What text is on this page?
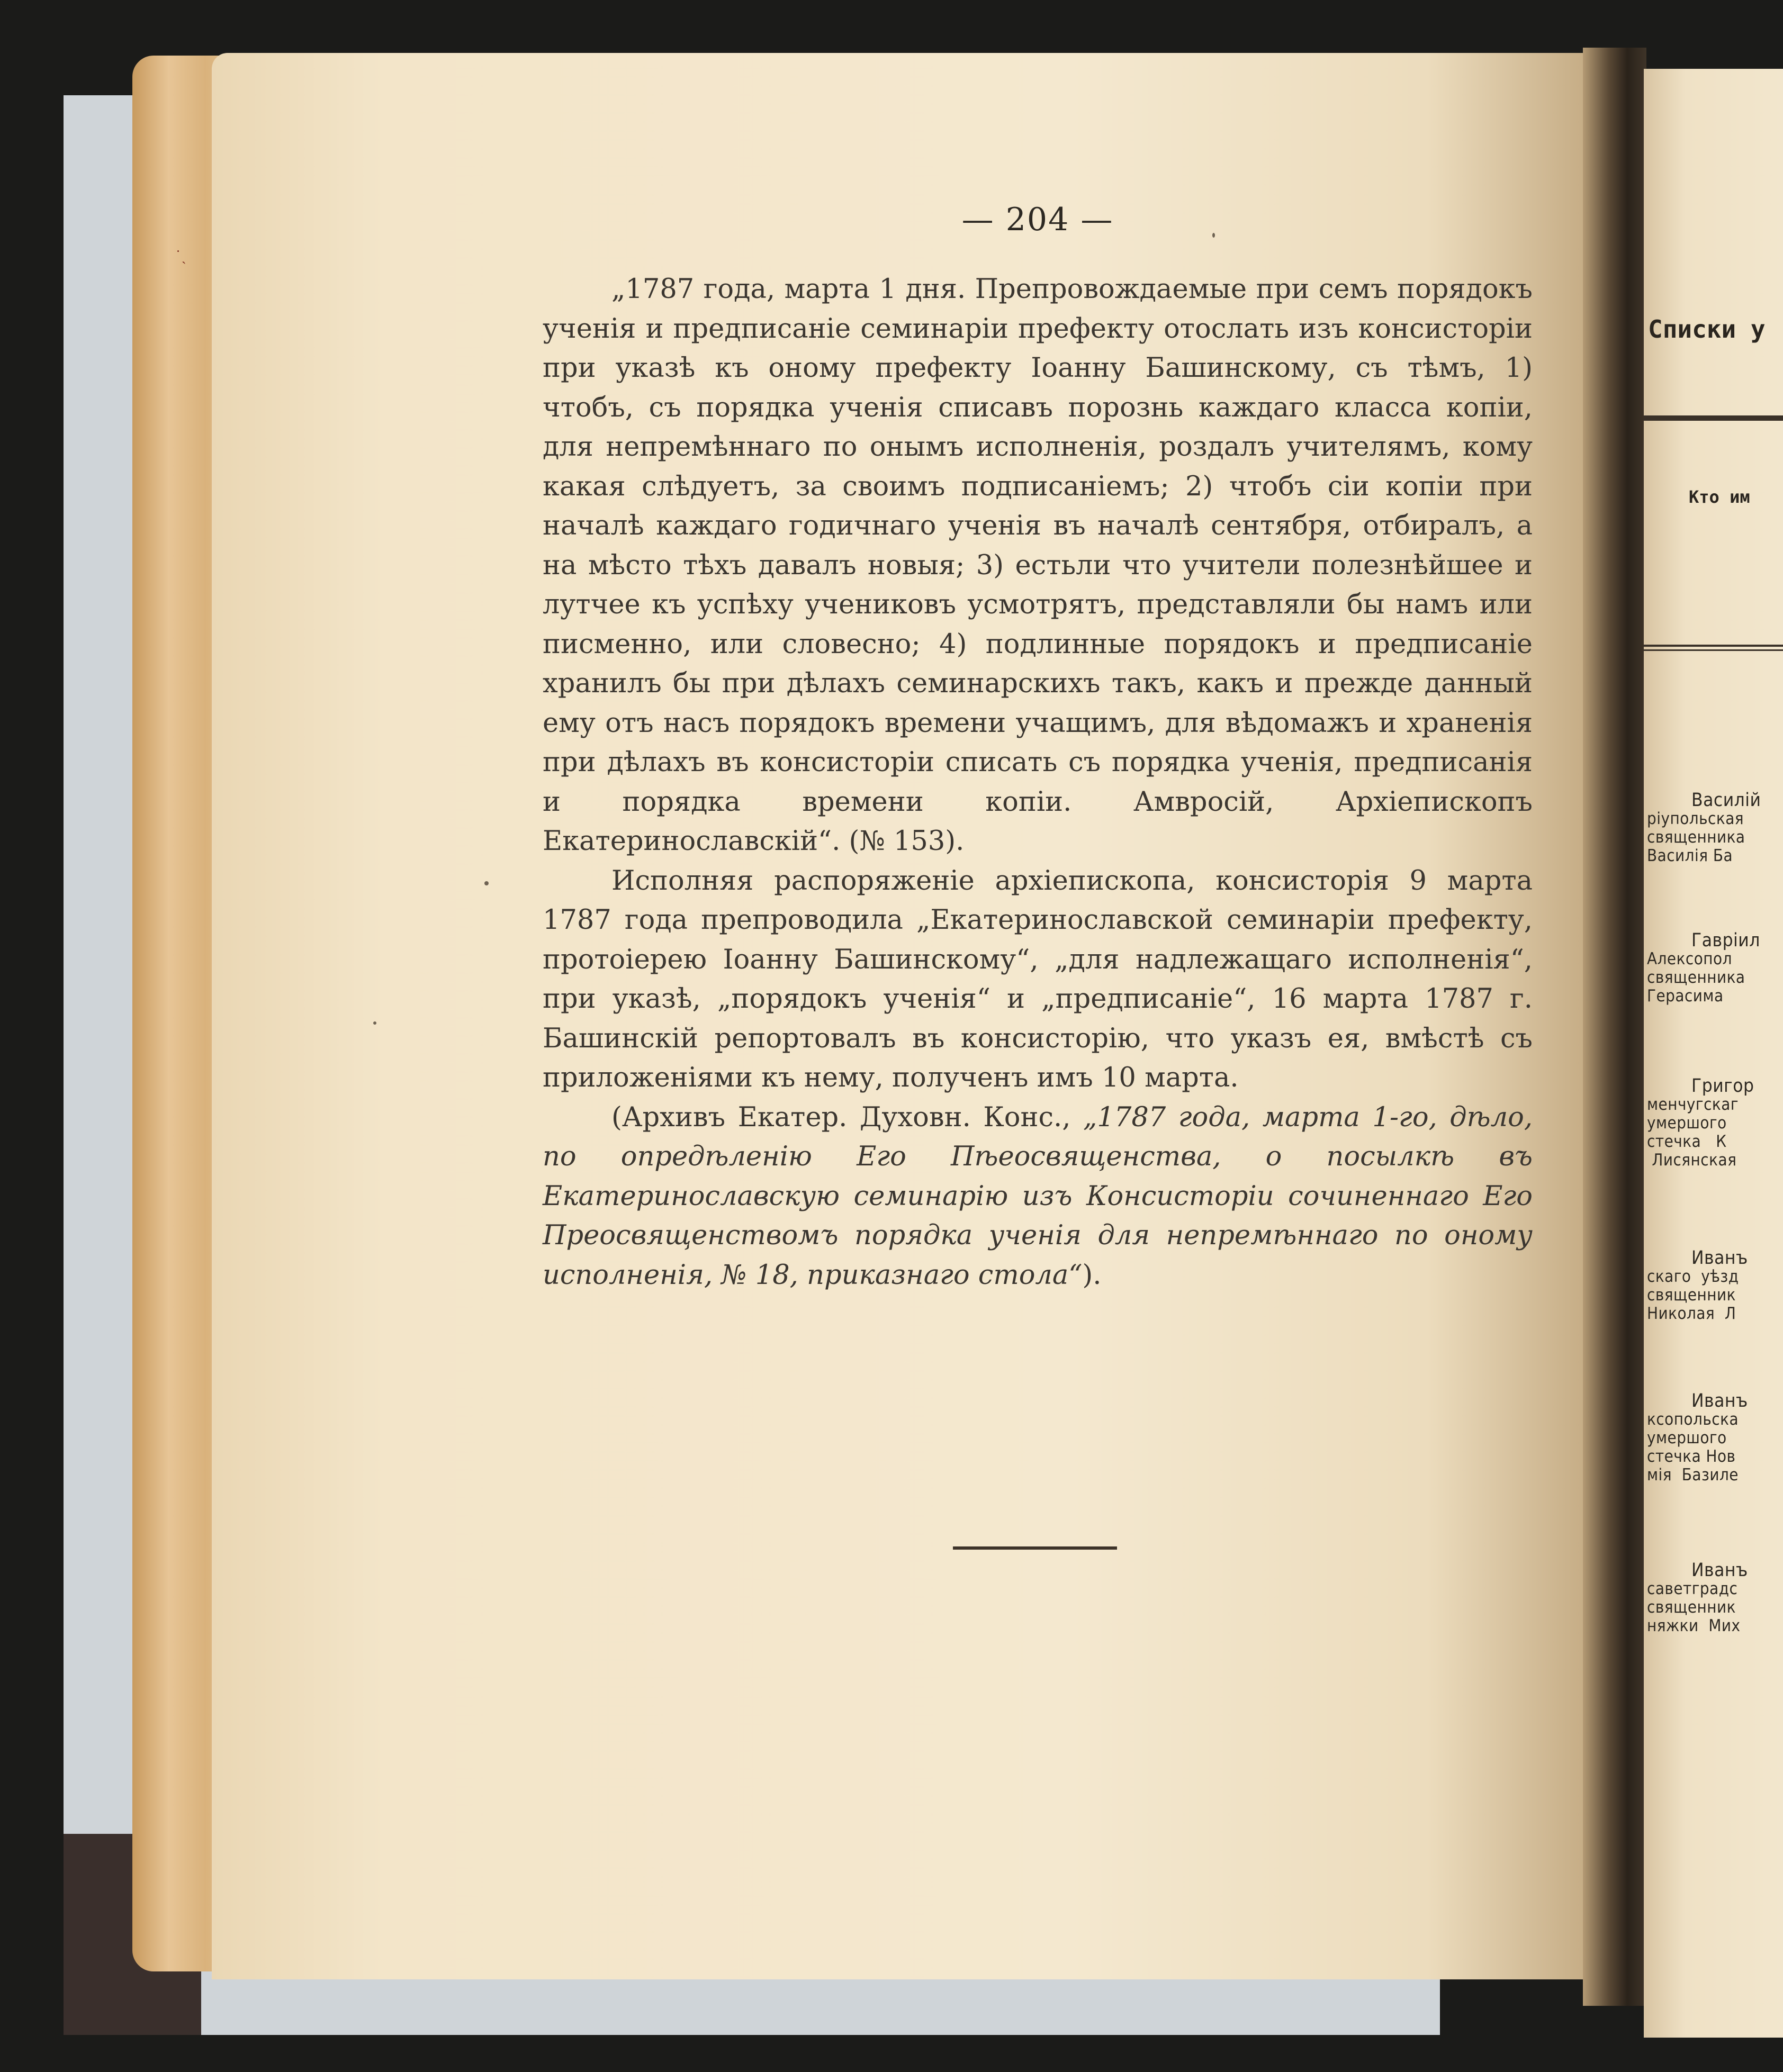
˙ˏ
— 204 —

„1787 года, марта 1 дня. Препровождаемые при семъ порядокъ ученія и предписаніе семинаріи префекту отослать изъ консисторіи при указѣ къ оному префекту Іоанну Башинскому, съ тѣмъ, 1) чтобъ, съ порядка ученія списавъ порознь каждаго класса копіи, для непремѣннаго по онымъ исполненія, роздалъ учителямъ, кому какая слѣдуетъ, за своимъ подписаніемъ; 2) чтобъ сіи копіи при началѣ каждаго годичнаго ученія въ началѣ сентября, отбиралъ, а на мѣсто тѣхъ давалъ новыя; 3) естьли что учители полезнѣйшее и лутчее къ успѣху учениковъ усмотрятъ, представляли бы намъ или писменно, или словесно; 4) подлинные порядокъ и предписаніе хранилъ бы при дѣлахъ семинарскихъ такъ, какъ и прежде данный ему отъ насъ порядокъ времени учащимъ, для вѣдомажъ и храненія при дѣлахъ въ консисторіи списать съ порядка ученія, предписанія и порядка времени копіи. Амвросій, Архіепископъ Екатеринославскій“. (№ 153).

Исполняя распоряженіе архіепископа, консисторія 9 марта 1787 года препроводила „Екатеринославской семинаріи префекту, протоіерею Іоанну Башинскому“, „для надлежащаго исполненія“, при указѣ, „порядокъ ученія“ и „предписаніе“, 16 марта 1787 г. Башинскій репортовалъ въ консисторію, что указъ ея, вмѣстѣ съ приложеніями къ нему, полученъ имъ 10 марта.

(Архивъ Екатер. Духовн. Конс., „1787 года, марта 1-го, дѣло, по опредѣленію Его Пѣеосвященства, о посылкѣ въ Екатеринославскую семинарію изъ Консисторіи сочиненнаго Его Преосвященствомъ порядка ученія для непремѣннаго по оному исполненія, № 18, приказнаго стола“).

Списки у
Кто им
Василій
ріупольская
священника
Василія Ба
Гавріил
Алексопол
священника
Герасима
Григор
менчугскаг
умершого
стечка   К
Лисянская
Иванъ
скаго  уѣзд
священник
Николая  Л
Иванъ
ксопольска
умершого
стечка Нов
мія  Базиле
Иванъ
саветградс
священник
няжки  Мих
